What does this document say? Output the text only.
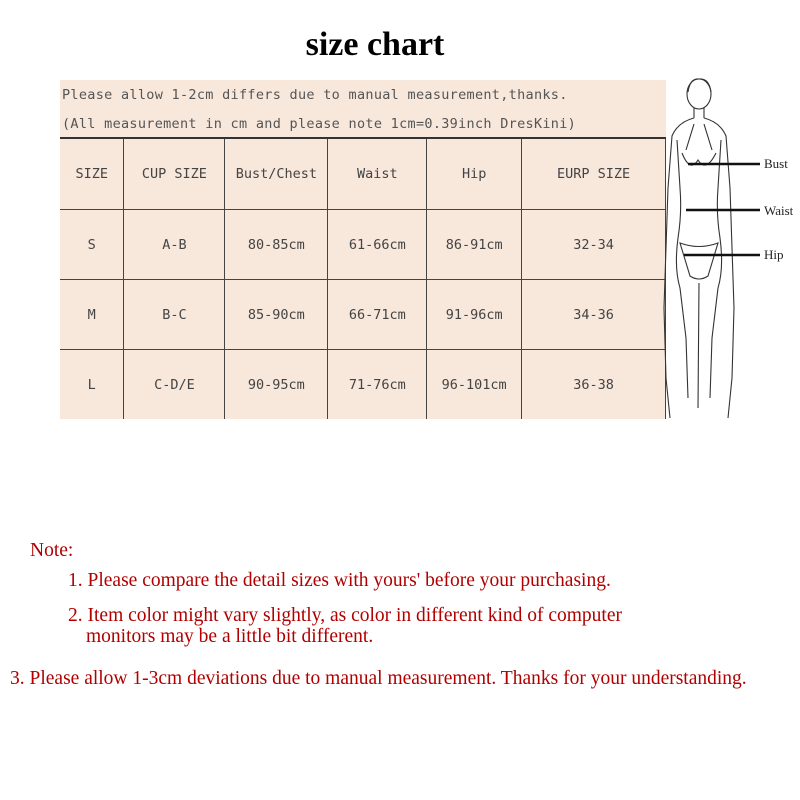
size chart
Please allow 1-2cm differs due to manual measurement,thanks.
(All measurement in cm and please note 1cm=0.39inch DresKini)
SIZE	CUP SIZE	Bust/Chest	Waist	Hip	EURP SIZE
S	A-B	80-85cm	61-66cm	86-91cm	32-34
M	B-C	85-90cm	66-71cm	91-96cm	34-36
L	C-D/E	90-95cm	71-76cm	96-101cm	36-38
Bust
Waist
Hip
Note:
1. Please compare the detail sizes with yours' before your purchasing.
2. Item color might vary slightly, as color in different kind of computer
monitors may be a little bit different.
3. Please allow 1-3cm deviations due to manual measurement. Thanks for your understanding.
